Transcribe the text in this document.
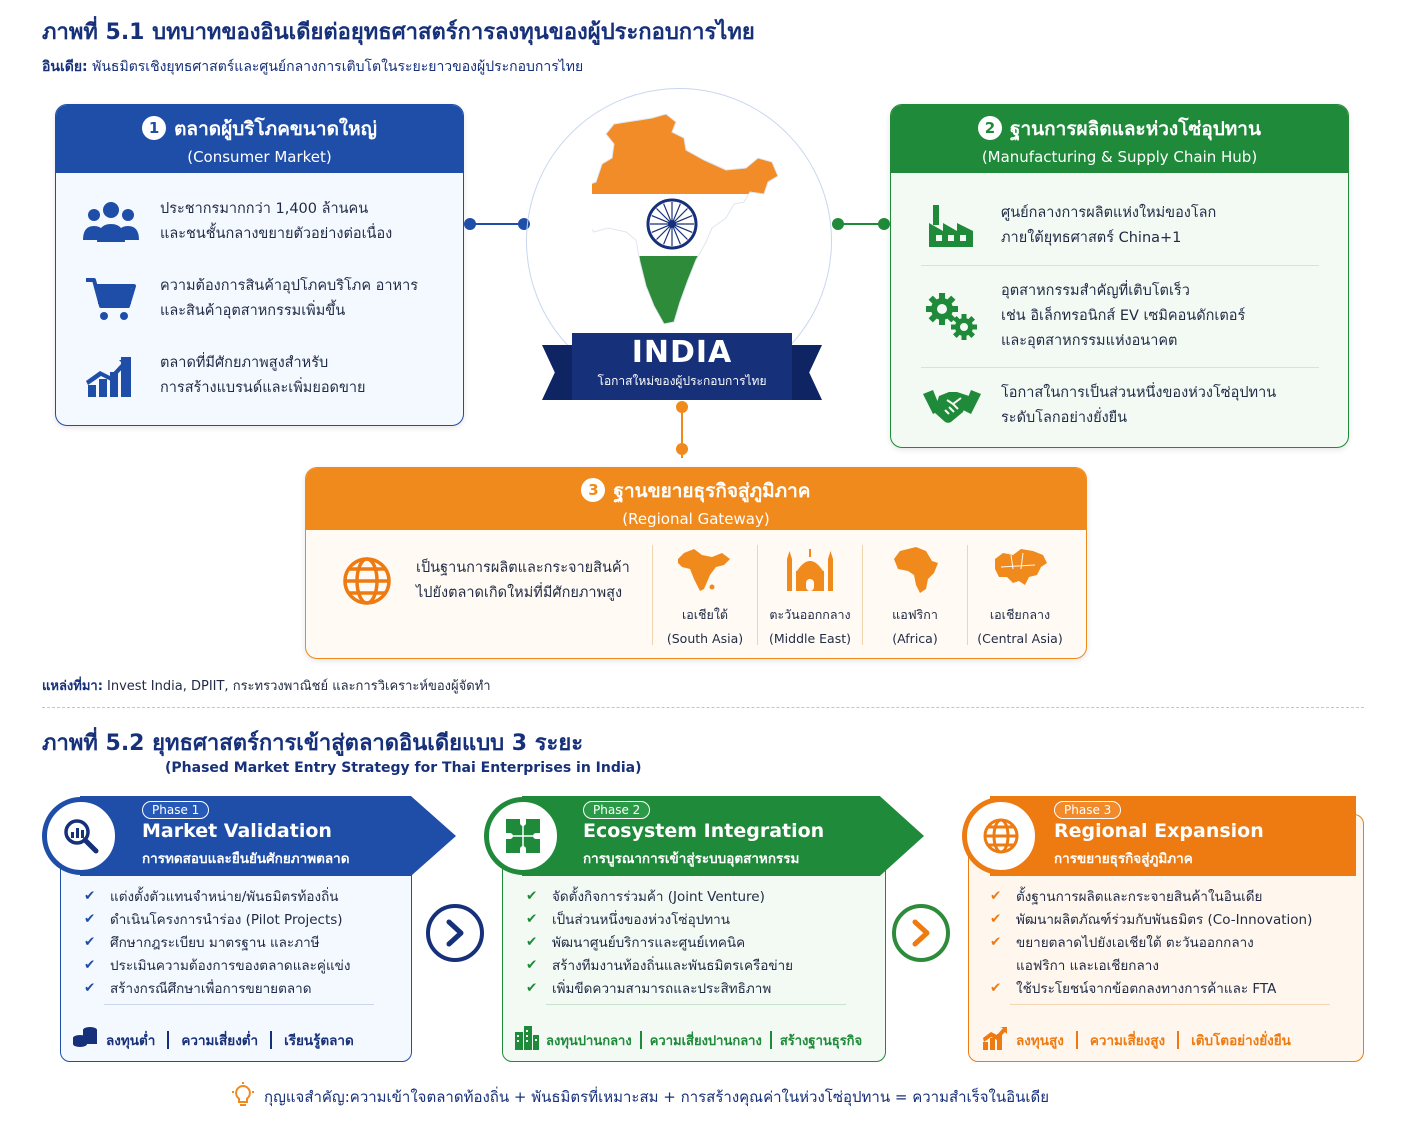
ภาพที่ 5.1 บทบาทของอินเดียต่อยุทธศาสตร์การลงทุนของผู้ประกอบการไทย
อินเดีย: พันธมิตรเชิงยุทธศาสตร์และศูนย์กลางการเติบโตในระยะยาวของผู้ประกอบการไทย
1 ตลาดผู้บริโภคขนาดใหญ่
(Consumer Market)
ประชากรมากกว่า 1,400 ล้านคน
และชนชั้นกลางขยายตัวอย่างต่อเนื่อง
ความต้องการสินค้าอุปโภคบริโภค อาหาร
และสินค้าอุตสาหกรรมเพิ่มขึ้น
ตลาดที่มีศักยภาพสูงสำหรับ
การสร้างแบรนด์และเพิ่มยอดขาย
INDIA
โอกาสใหม่ของผู้ประกอบการไทย
2 ฐานการผลิตและห่วงโซ่อุปทาน
(Manufacturing & Supply Chain Hub)
ศูนย์กลางการผลิตแห่งใหม่ของโลก
ภายใต้ยุทธศาสตร์ China+1
อุตสาหกรรมสำคัญที่เติบโตเร็ว
เช่น อิเล็กทรอนิกส์ EV เซมิคอนดักเตอร์
และอุตสาหกรรมแห่งอนาคต
โอกาสในการเป็นส่วนหนึ่งของห่วงโซ่อุปทาน
ระดับโลกอย่างยั่งยืน
3 ฐานขยายธุรกิจสู่ภูมิภาค
(Regional Gateway)
เป็นฐานการผลิตและกระจายสินค้า
ไปยังตลาดเกิดใหม่ที่มีศักยภาพสูง
เอเชียใต้
(South Asia)
ตะวันออกกลาง
(Middle East)
แอฟริกา
(Africa)
เอเชียกลาง
(Central Asia)
แหล่งที่มา: Invest India, DPIIT, กระทรวงพาณิชย์ และการวิเคราะห์ของผู้จัดทำ
ภาพที่ 5.2 ยุทธศาสตร์การเข้าสู่ตลาดอินเดียแบบ 3 ระยะ
(Phased Market Entry Strategy for Thai Enterprises in India)
Phase 1
Market Validation
การทดสอบและยืนยันศักยภาพตลาด
✔ แต่งตั้งตัวแทนจำหน่าย/พันธมิตรท้องถิ่น
✔ ดำเนินโครงการนำร่อง (Pilot Projects)
✔ ศึกษากฎระเบียบ มาตรฐาน และภาษี
✔ ประเมินความต้องการของตลาดและคู่แข่ง
✔ สร้างกรณีศึกษาเพื่อการขยายตลาด
ลงทุนต่ำ ความเสี่ยงต่ำ เรียนรู้ตลาด
Phase 2
Ecosystem Integration
การบูรณาการเข้าสู่ระบบอุตสาหกรรม
✔ จัดตั้งกิจการร่วมค้า (Joint Venture)
✔ เป็นส่วนหนึ่งของห่วงโซ่อุปทาน
✔ พัฒนาศูนย์บริการและศูนย์เทคนิค
✔ สร้างทีมงานท้องถิ่นและพันธมิตรเครือข่าย
✔ เพิ่มขีดความสามารถและประสิทธิภาพ
ลงทุนปานกลาง ความเสี่ยงปานกลาง สร้างฐานธุรกิจ
Phase 3
Regional Expansion
การขยายธุรกิจสู่ภูมิภาค
✔ ตั้งฐานการผลิตและกระจายสินค้าในอินเดีย
✔ พัฒนาผลิตภัณฑ์ร่วมกับพันธมิตร (Co-Innovation)
✔ ขยายตลาดไปยังเอเชียใต้ ตะวันออกกลาง
แอฟริกา และเอเชียกลาง
✔ ใช้ประโยชน์จากข้อตกลงทางการค้าและ FTA
ลงทุนสูง ความเสี่ยงสูง เติบโตอย่างยั่งยืน
กุญแจสำคัญ: ความเข้าใจตลาดท้องถิ่น + พันธมิตรที่เหมาะสม + การสร้างคุณค่าในห่วงโซ่อุปทาน = ความสำเร็จในอินเดีย
